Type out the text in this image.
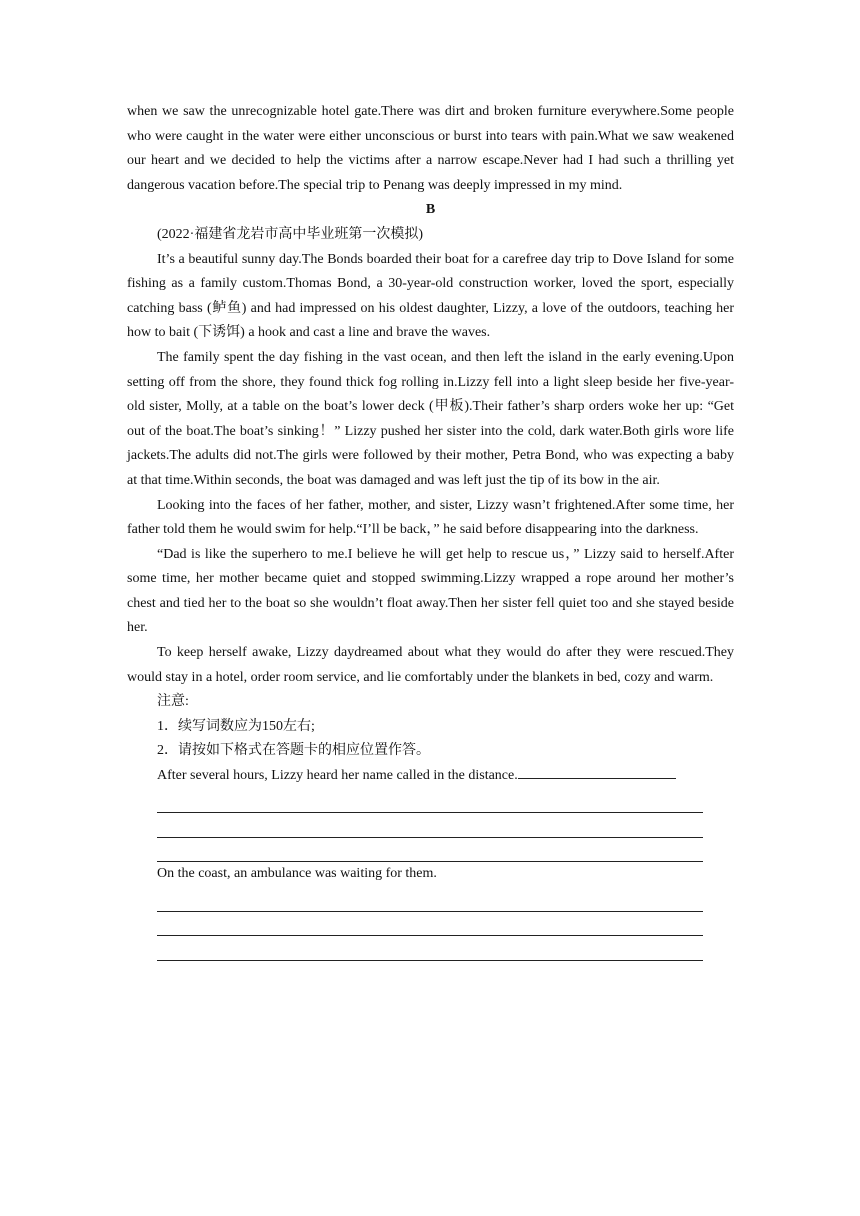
when we saw the unrecognizable hotel gate.There was dirt and broken furniture everywhere.Some people who were caught in the water were either unconscious or burst into tears with pain.What we saw weakened our heart and we decided to help the victims after a narrow escape.Never had I had such a thrilling yet dangerous vacation before.The special trip to Penang was deeply impressed in my mind.

B

(2022·福建省龙岩市高中毕业班第一次模拟)

It’s a beautiful sunny day.The Bonds boarded their boat for a carefree day trip to Dove Island for some fishing as a family custom.Thomas Bond, a 30-year-old construction worker, loved the sport, especially catching bass (鲈鱼) and had impressed on his oldest daughter, Lizzy, a love of the outdoors, teaching her how to bait (下诱饵) a hook and cast a line and brave the waves.

The family spent the day fishing in the vast ocean, and then left the island in the early evening.Upon setting off from the shore, they found thick fog rolling in.Lizzy fell into a light sleep beside her five-year-old sister, Molly, at a table on the boat’s lower deck (甲板).Their father’s sharp orders woke her up: “Get out of the boat.The boat’s sinking！” Lizzy pushed her sister into the cold, dark water.Both girls wore life jackets.The adults did not.The girls were followed by their mother, Petra Bond, who was expecting a baby at that time.Within seconds, the boat was damaged and was left just the tip of its bow in the air.

Looking into the faces of her father, mother, and sister, Lizzy wasn’t frightened.After some time, her father told them he would swim for help.“I’ll be back，” he said before disappearing into the darkness.

“Dad is like the superhero to me.I believe he will get help to rescue us，” Lizzy said to herself.After some time, her mother became quiet and stopped swimming.Lizzy wrapped a rope around her mother’s chest and tied her to the boat so she wouldn’t float away.Then her sister fell quiet too and she stayed beside her.

To keep herself awake, Lizzy daydreamed about what they would do after they were rescued.They would stay in a hotel, order room service, and lie comfortably under the blankets in bed, cozy and warm.

注意:

1．续写词数应为150左右;

2．请按如下格式在答题卡的相应位置作答。

After several hours, Lizzy heard her name called in the distance.

On the coast, an ambulance was waiting for them.
